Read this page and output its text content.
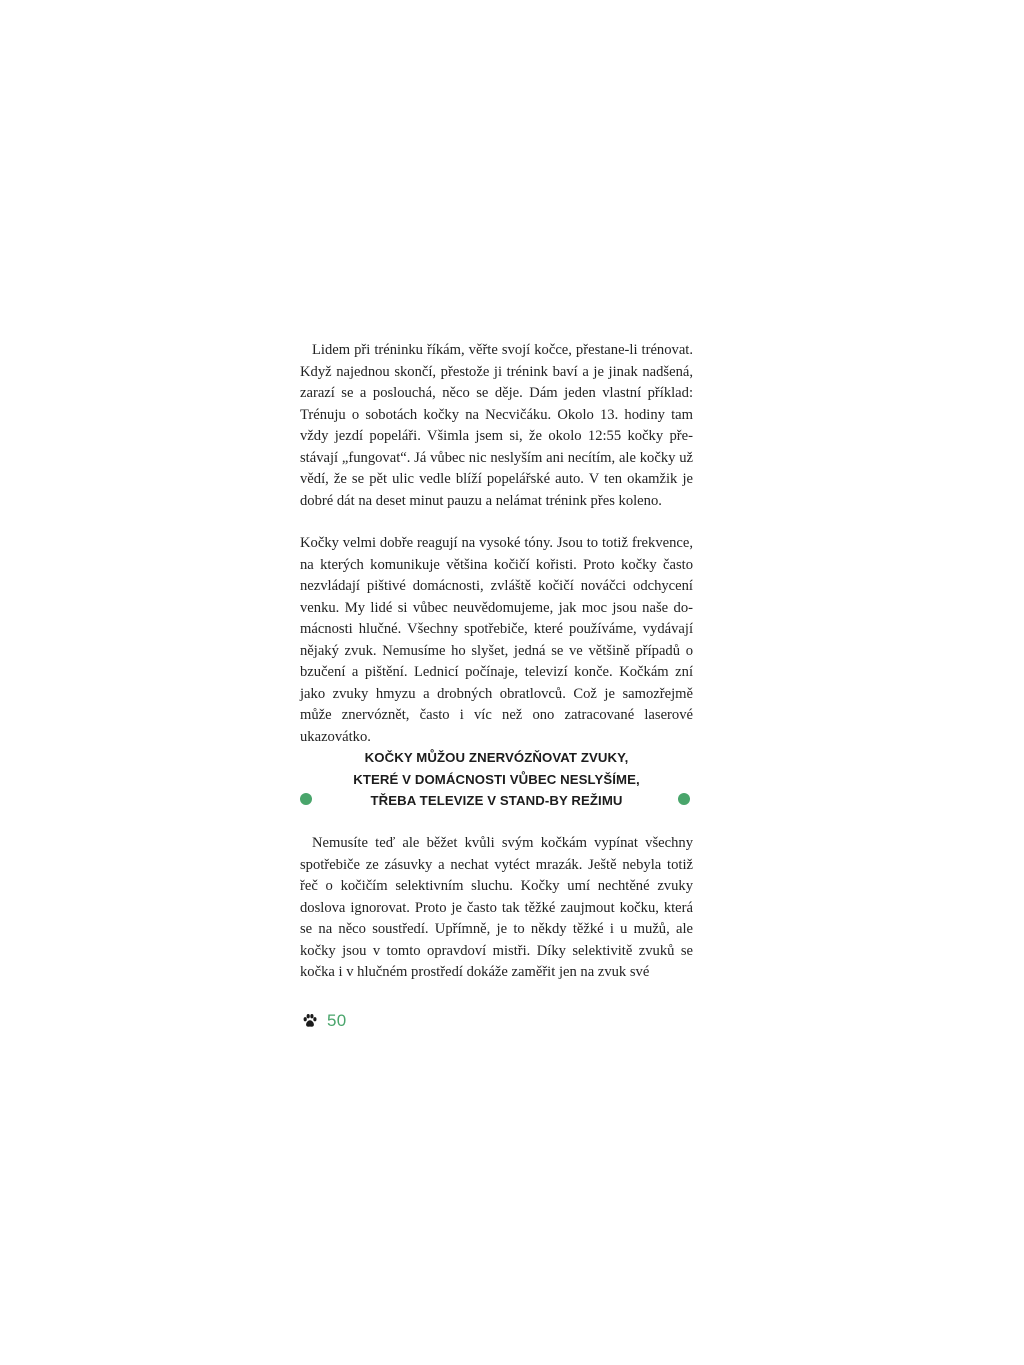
Lidem při tréninku říkám, věřte svojí kočce, přestane-li trénovat. Když najednou skončí, přestože ji trénink baví a je jinak nadšená, zarazí se a poslouchá, něco se děje. Dám jeden vlastní příklad: Trénuju o sobotách kočky na Necvičáku. Okolo 13. hodiny tam vždy jezdí popeláři. Všimla jsem si, že okolo 12:55 kočky přestávají „fungovat“. Já vůbec nic neslyším ani necítím, ale kočky už vědí, že se pět ulic vedle blíží popelářské auto. V ten okamžik je dobré dát na deset minut pauzu a nelámat trénink přes koleno.

Kočky velmi dobře reagují na vysoké tóny. Jsou to totiž frekvence, na kterých komunikuje většina kočičí kořisti. Proto kočky často nezvládají pištivé domácnosti, zvláště kočičí nováčci odchycení venku. My lidé si vůbec neuvědomujeme, jak moc jsou naše domácnosti hlučné. Všechny spotřebiče, které používáme, vydávají nějaký zvuk. Nemusíme ho slyšet, jedná se ve většině případů o bzučení a pištění. Lednicí počínaje, televizí konče. Kočkám zní jako zvuky hmyzu a drobných obratlovců. Což je samozřejmě může znervóznět, často i víc než ono zatracované laserové ukazovátko.

KOČKY MŮŽOU ZNERVÓZŇOVAT ZVUKY,
KTERÉ V DOMÁCNOSTI VŮBEC NESLYŠÍME,
TŘEBA TELEVIZE V STAND-BY REŽIMU

Nemusíte teď ale běžet kvůli svým kočkám vypínat všechny spotřebiče ze zásuvky a nechat vytéct mrazák. Ještě nebyla totiž řeč o kočičím selektivním sluchu. Kočky umí nechtěné zvuky doslova ignorovat. Proto je často tak těžké zaujmout kočku, která se na něco soustředí. Upřímně, je to někdy těžké i u mužů, ale kočky jsou v tomto opravdoví mistři. Díky selektivitě zvuků se kočka i v hlučném prostředí dokáže zaměřit jen na zvuk své

50
